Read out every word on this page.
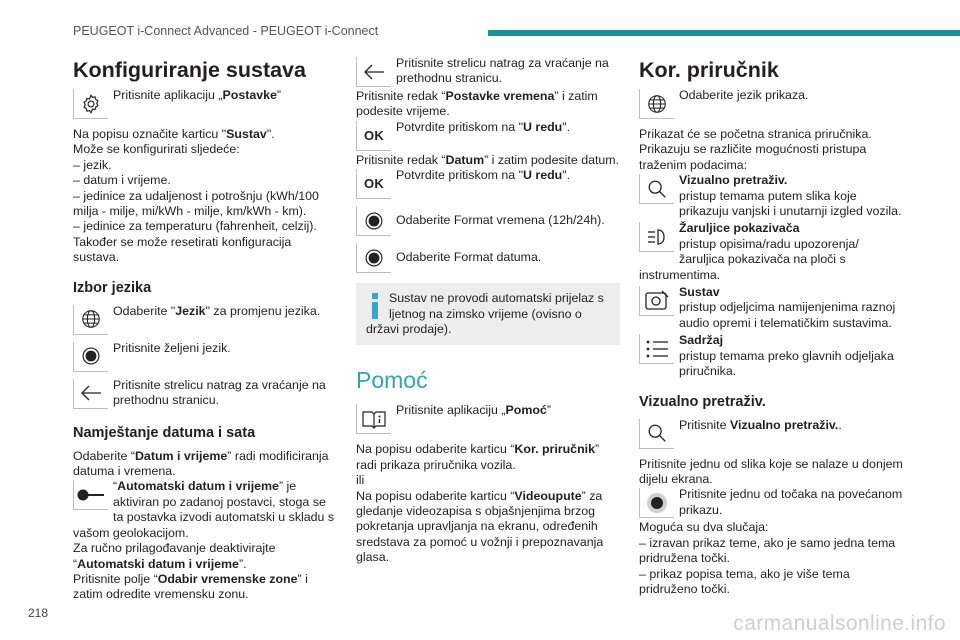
PEUGEOT i-Connect Advanced - PEUGEOT i-Connect
Konfiguriranje sustava

Pritisnite aplikaciju „Postavke”

Na popisu označite karticu "Sustav".

Može se konfigurirati sljedeće:

– jezik.

– datum i vrijeme.

– jedinice za udaljenost i potrošnju (kWh/100 milja - milje, mi/kWh - milje, km/kWh - km).

– jedinice za temperaturu (fahrenheit, celzij).

Također se može resetirati konfiguracija sustava.

Izbor jezika

Odaberite "Jezik" za promjenu jezika.

Pritisnite željeni jezik.

Pritisnite strelicu natrag za vraćanje na prethodnu stranicu.

Namještanje datuma i sata

Odaberite “Datum i vrijeme” radi modificiranja datuma i vremena.

“Automatski datum i vrijeme” je aktiviran po zadanoj postavci, stoga se ta postavka izvodi automatski u skladu s vašom geolokacijom.

Za ručno prilagođavanje deaktivirajte “Automatski datum i vrijeme”.

Pritisnite polje “Odabir vremenske zone” i zatim odredite vremensku zonu.

Pritisnite strelicu natrag za vraćanje na prethodnu stranicu.

Pritisnite redak “Postavke vremena” i zatim podesite vrijeme.

OK

Potvrdite pritiskom na "U redu".

Pritisnite redak “Datum” i zatim podesite datum.

OK

Potvrdite pritiskom na "U redu".

Odaberite Format vremena (12h/24h).

Odaberite Format datuma.

Sustav ne provodi automatski prijelaz s ljetnog na zimsko vrijeme (ovisno o državi prodaje).

Pomoć

Pritisnite aplikaciju „Pomoć”

Na popisu odaberite karticu “Kor. priručnik” radi prikaza priručnika vozila.

ili

Na popisu odaberite karticu “Videoupute” za gledanje videozapisa s objašnjenjima brzog pokretanja upravljanja na ekranu, određenih sredstava za pomoć u vožnji i prepoznavanja glasa.

Kor. priručnik

Odaberite jezik prikaza.

Prikazat će se početna stranica priručnika.

Prikazuju se različite mogućnosti pristupa traženim podacima:

Vizualno pretraživ.

pristup temama putem slika koje prikazuju vanjski i unutarnji izgled vozila.

Žaruljice pokazivača

pristup opisima/radu upozorenja/žaruljica pokazivača na ploči s instrumentima.

Sustav

pristup odjeljcima namijenjenima raznoj audio opremi i telematičkim sustavima.

Sadržaj

pristup temama preko glavnih odjeljaka priručnika.

Vizualno pretraživ.

Pritisnite Vizualno pretraživ..

Pritisnite jednu od slika koje se nalaze u donjem dijelu ekrana.

Pritisnite jednu od točaka na povećanom prikazu.

Moguća su dva slučaja:

– izravan prikaz teme, ako je samo jedna tema pridružena točki.

– prikaz popisa tema, ako je više tema pridruženo točki.

218	carmanualsonline.info
